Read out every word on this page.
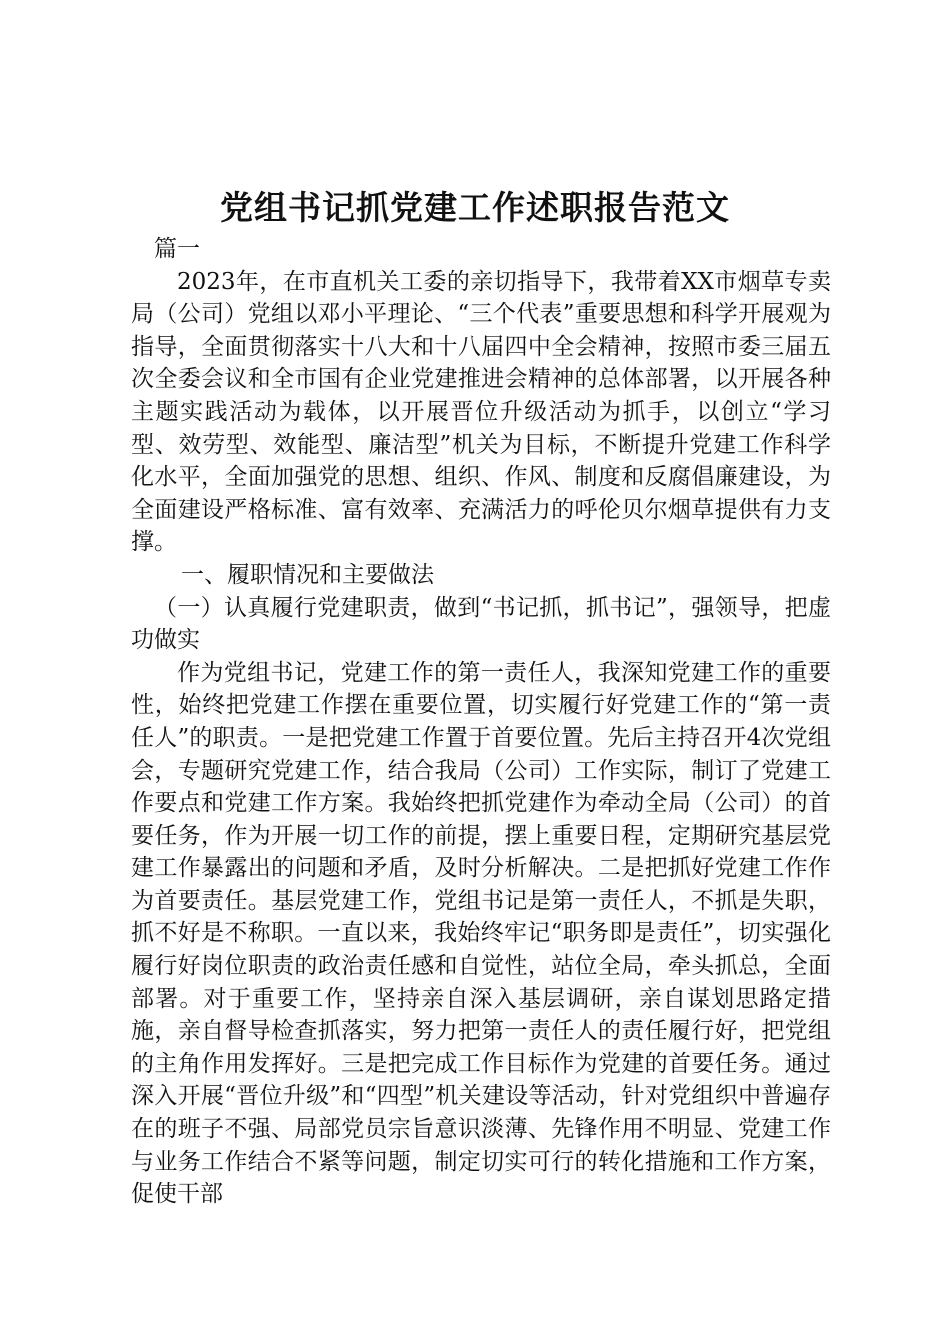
党组书记抓党建工作述职报告范文

篇一

2023年，在市直机关工委的亲切指导下，我带着XX市烟草专卖局（公司）党组以邓小平理论、“三个代表”重要思想和科学开展观为指导，全面贯彻落实十八大和十八届四中全会精神，按照市委三届五次全委会议和全市国有企业党建推进会精神的总体部署，以开展各种主题实践活动为载体，以开展晋位升级活动为抓手，以创立“学习型、效劳型、效能型、廉洁型”机关为目标，不断提升党建工作科学化水平，全面加强党的思想、组织、作风、制度和反腐倡廉建设，为全面建设严格标准、富有效率、充满活力的呼伦贝尔烟草提供有力支撑。

一、履职情况和主要做法

（一）认真履行党建职责，做到“书记抓，抓书记”，强领导，把虚功做实

作为党组书记，党建工作的第一责任人，我深知党建工作的重要性，始终把党建工作摆在重要位置，切实履行好党建工作的“第一责任人”的职责。一是把党建工作置于首要位置。先后主持召开4次党组会，专题研究党建工作，结合我局（公司）工作实际，制订了党建工作要点和党建工作方案。我始终把抓党建作为牵动全局（公司）的首要任务，作为开展一切工作的前提，摆上重要日程，定期研究基层党建工作暴露出的问题和矛盾，及时分析解决。二是把抓好党建工作作为首要责任。基层党建工作，党组书记是第一责任人，不抓是失职，抓不好是不称职。一直以来，我始终牢记“职务即是责任”，切实强化履行好岗位职责的政治责任感和自觉性，站位全局，牵头抓总，全面部署。对于重要工作，坚持亲自深入基层调研，亲自谋划思路定措施，亲自督导检查抓落实，努力把第一责任人的责任履行好，把党组的主角作用发挥好。三是把完成工作目标作为党建的首要任务。通过深入开展“晋位升级”和“四型”机关建设等活动，针对党组织中普遍存在的班子不强、局部党员宗旨意识淡薄、先锋作用不明显、党建工作与业务工作结合不紧等问题，制定切实可行的转化措施和工作方案，促使干部
